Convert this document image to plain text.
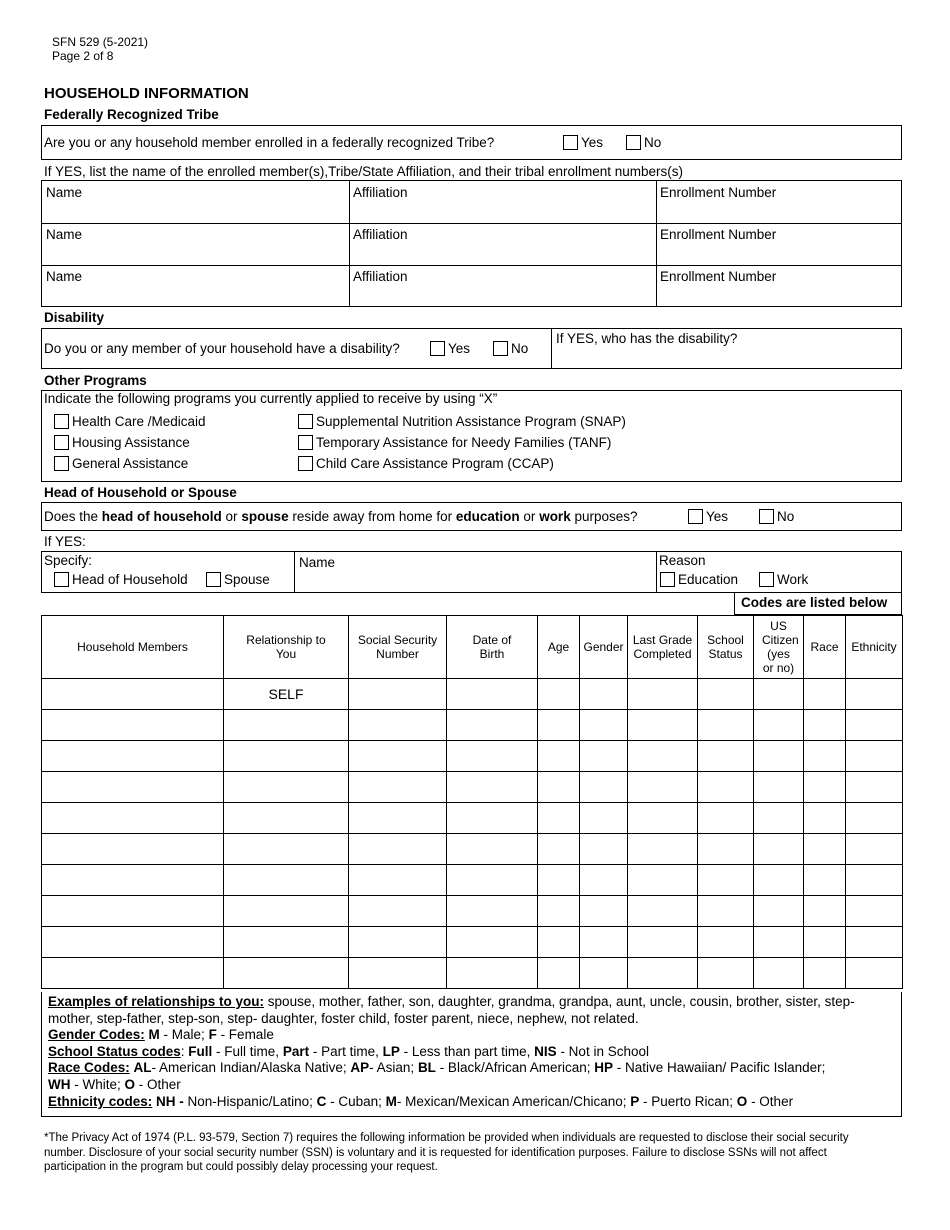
SFN 529 (5-2021)
Page 2 of 8
HOUSEHOLD INFORMATION
Federally Recognized Tribe
Are you or any household member enrolled in a federally recognized Tribe?	Yes	No
If YES, list the name of the enrolled member(s),Tribe/State Affiliation, and their tribal enrollment numbers(s)
Name	Affiliation	Enrollment Number
Name	Affiliation	Enrollment Number
Name	Affiliation	Enrollment Number
Disability
Do you or any member of your household have a disability?	Yes	No
If YES, who has the disability?
Other Programs
Indicate the following programs you currently applied to receive by using “X”
Health Care /Medicaid
Housing Assistance
General Assistance
Supplemental Nutrition Assistance Program (SNAP)
Temporary Assistance for Needy Families (TANF)
Child Care Assistance Program (CCAP)
Head of Household or Spouse
Does the head of household or spouse reside away from home for education or work purposes?	Yes	No
If YES:
Specify:
Head of Household	Spouse
Name	Reason
Education	Work
Codes are listed below
Household Members	Relationship to You	Social Security Number	Date of Birth	Age	Gender	Last Grade Completed	School Status	US Citizen (yes or no)	Race	Ethnicity
	SELF									

Examples of relationships to you: spouse, mother, father, son, daughter, grandma, grandpa, aunt, uncle, cousin, brother, sister, step-mother, step-father, step-son, step- daughter, foster child, foster parent, niece, nephew, not related.
Gender Codes: M - Male; F - Female
School Status codes: Full - Full time, Part - Part time, LP - Less than part time, NIS - Not in School
Race Codes: AL- American Indian/Alaska Native; AP- Asian; BL - Black/African American; HP - Native Hawaiian/ Pacific Islander;
WH - White; O - Other
Ethnicity codes: NH - Non-Hispanic/Latino; C - Cuban; M- Mexican/Mexican American/Chicano; P - Puerto Rican; O - Other
*The Privacy Act of 1974 (P.L. 93-579, Section 7) requires the following information be provided when individuals are requested to disclose their social security number. Disclosure of your social security number (SSN) is voluntary and it is requested for identification purposes. Failure to disclose SSNs will not affect participation in the program but could possibly delay processing your request.
